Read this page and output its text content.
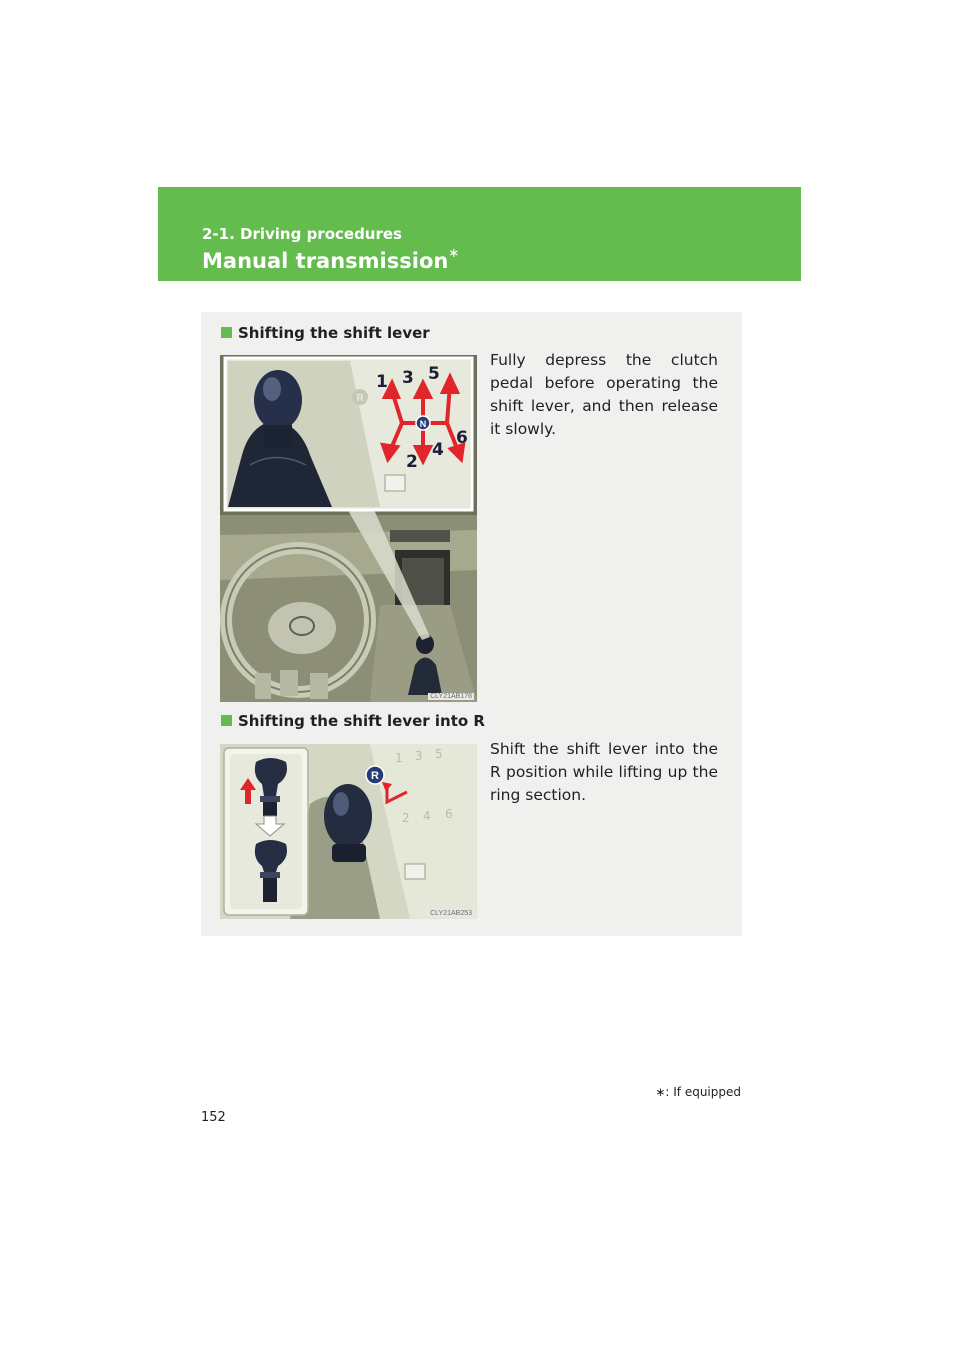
2-1. Driving procedures
Manual transmission∗
Shifting the shift lever
R
N
1 3 5
2
4
6
CLY21AB176
Fully depress the clutch pedal before operating the shift lever, and then release it slowly.
Shifting the shift lever into R
1 3 5
2 4 6
R
CLY21AB253
Shift the shift lever into the R position while lifting up the ring section.
∗: If equipped
152
